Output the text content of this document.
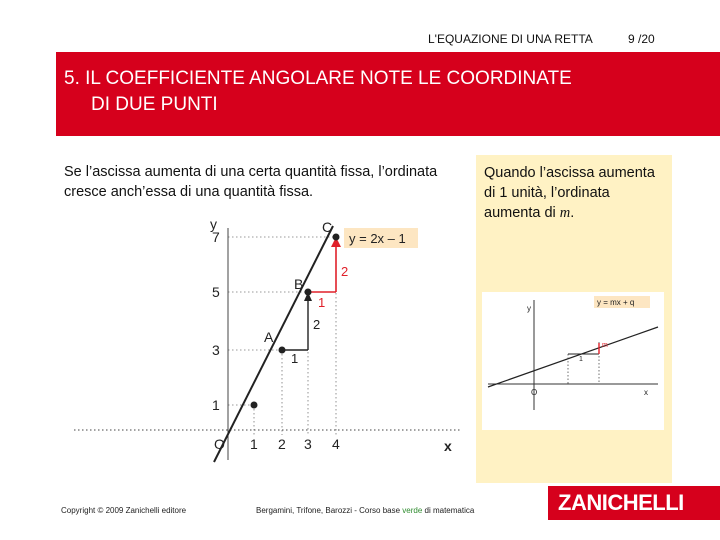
L'EQUAZIONE DI UNA RETTA	9 /20
5. IL COEFFICIENTE ANGOLARE NOTE LE COORDINATE
DI DUE PUNTI
Se l’ascissa aumenta di una certa quantità fissa, l’ordinata cresce anch’essa di una quantità fissa.
Quando l’ascissa aumenta di 1 unità, l’ordinata aumenta di m.
y
x
O 1 2 3 4
1
3
5
7
A
B
C
1
2
1
2
y = 2x – 1
y = mx + q
y
x
O
1
m
Copyright © 2009 Zanichelli editore	Bergamini, Trifone, Barozzi - Corso base verde di matematica	ZANICHELLI
